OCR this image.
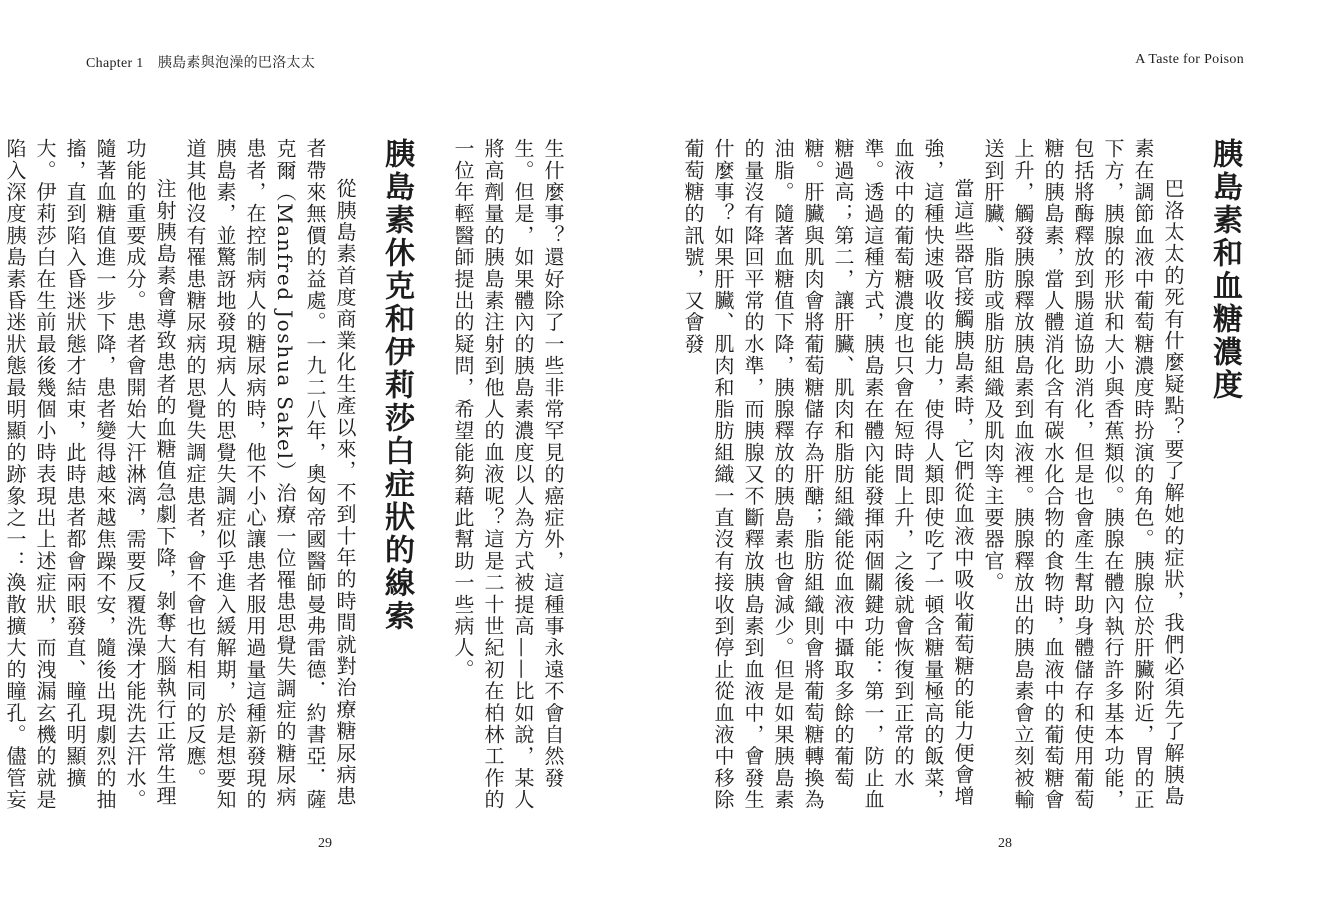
Chapter 1　胰島素與泡澡的巴洛太太	A Taste for Poison
胰島素和血糖濃度

巴洛太太的死有什麼疑點？要了解她的症狀，我們必須先了解胰島素在調節血液中葡萄糖濃度時扮演的角色。胰腺位於肝臟附近，胃的正下方，胰腺的形狀和大小與香蕉類似。胰腺在體內執行許多基本功能，包括將酶釋放到腸道協助消化，但是也會產生幫助身體儲存和使用葡萄糖的胰島素，當人體消化含有碳水化合物的食物時，血液中的葡萄糖會上升，觸發胰腺釋放胰島素到血液裡。胰腺釋放出的胰島素會立刻被輸送到肝臟、脂肪或脂肪組織及肌肉等主要器官。

當這些器官接觸胰島素時，它們從血液中吸收葡萄糖的能力便會增強，這種快速吸收的能力，使得人類即使吃了一頓含糖量極高的飯菜，血液中的葡萄糖濃度也只會在短時間上升，之後就會恢復到正常的水準。透過這種方式，胰島素在體內能發揮兩個關鍵功能：第一，防止血糖過高；第二，讓肝臟、肌肉和脂肪組織能從血液中攝取多餘的葡萄糖。肝臟與肌肉會將葡萄糖儲存為肝醣；脂肪組織則會將葡萄糖轉換為油脂。隨著血糖值下降，胰腺釋放的胰島素也會減少。但是如果胰島素的量沒有降回平常的水準，而胰腺又不斷釋放胰島素到血液中，會發生什麼事？如果肝臟、肌肉和脂肪組織一直沒有接收到停止從血液中移除葡萄糖的訊號，又會發

28

生什麼事？還好除了一些非常罕見的癌症外，這種事永遠不會自然發生。但是，如果體內的胰島素濃度以人為方式被提高——比如說，某人將高劑量的胰島素注射到他人的血液呢？這是二十世紀初在柏林工作的一位年輕醫師提出的疑問，希望能夠藉此幫助一些病人。

胰島素休克和伊莉莎白症狀的線索

從胰島素首度商業化生產以來，不到十年的時間就對治療糖尿病患者帶來無價的益處。一九二八年，奧匈帝國醫師曼弗雷德．約書亞．薩克爾（Manfred Joshua Sakel）治療一位罹患思覺失調症的糖尿病患者，在控制病人的糖尿病時，他不小心讓患者服用過量這種新發現的胰島素，並驚訝地發現病人的思覺失調症似乎進入緩解期，於是想要知道其他沒有罹患糖尿病的思覺失調症患者，會不會也有相同的反應。

注射胰島素會導致患者的血糖值急劇下降，剝奪大腦執行正常生理功能的重要成分。患者會開始大汗淋漓，需要反覆洗澡才能洗去汗水。隨著血糖值進一步下降，患者變得越來越焦躁不安，隨後出現劇烈的抽搐，直到陷入昏迷狀態才結束，此時患者都會兩眼發直、瞳孔明顯擴大。伊莉莎白在生前最後幾個小時表現出上述症狀，而洩漏玄機的就是陷入深度胰島素昏迷狀態最明顯的跡象之一：渙散擴大的瞳孔。儘管妄

29
